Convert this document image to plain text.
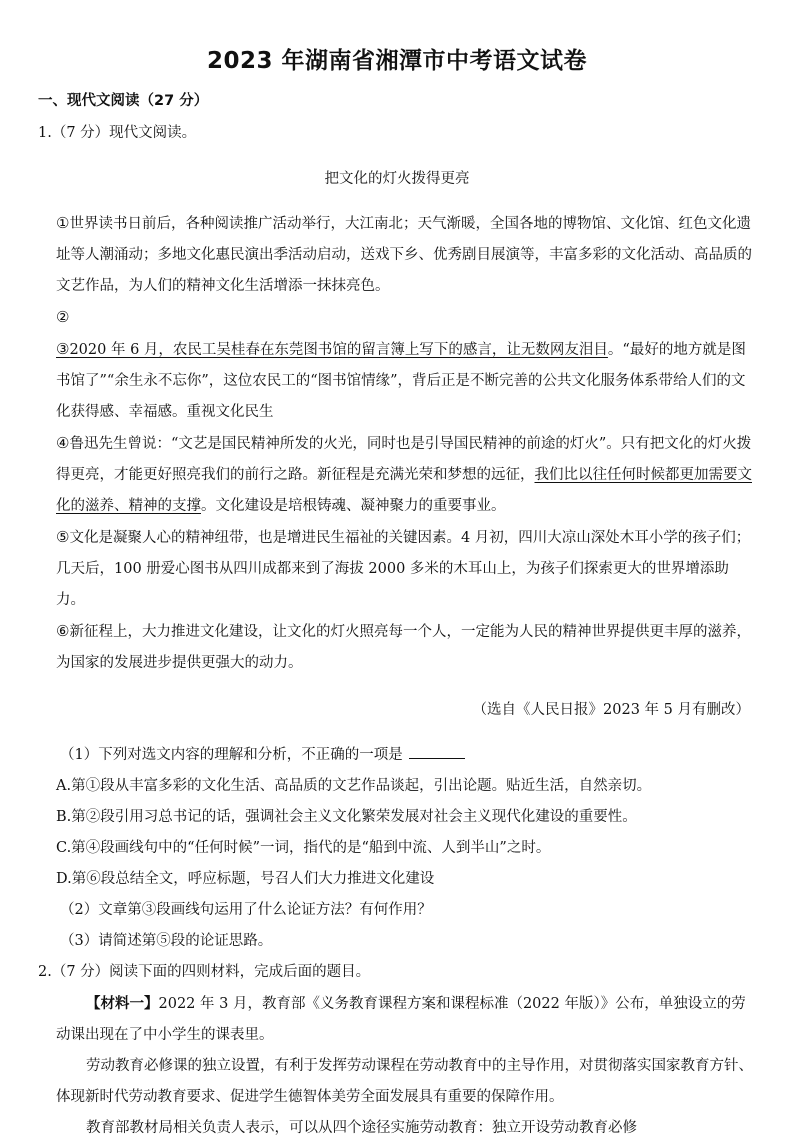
2023 年湖南省湘潭市中考语文试卷
一、现代文阅读（27 分）

1.（7 分）现代文阅读。

把文化的灯火拨得更亮

①世界读书日前后，各种阅读推广活动举行，大江南北；天气渐暖，全国各地的博物馆、文化馆、红色文化遗址等人潮涌动；多地文化惠民演出季活动启动，送戏下乡、优秀剧目展演等，丰富多彩的文化活动、高品质的文艺作品，为人们的精神文化生活增添一抹抹亮色。

②

③2020 年 6 月，农民工吴桂春在东莞图书馆的留言簿上写下的感言，让无数网友泪目。“最好的地方就是图书馆了”“余生永不忘你”，这位农民工的“图书馆情缘”，背后正是不断完善的公共文化服务体系带给人们的文化获得感、幸福感。重视文化民生

④鲁迅先生曾说：“文艺是国民精神所发的火光，同时也是引导国民精神的前途的灯火”。只有把文化的灯火拨得更亮，才能更好照亮我们的前行之路。新征程是充满光荣和梦想的远征，我们比以往任何时候都更加需要文化的滋养、精神的支撑。文化建设是培根铸魂、凝神聚力的重要事业。

⑤文化是凝聚人心的精神纽带，也是增进民生福祉的关键因素。4 月初，四川大凉山深处木耳小学的孩子们；几天后，100 册爱心图书从四川成都来到了海拔 2000 多米的木耳山上，为孩子们探索更大的世界增添助力。

⑥新征程上，大力推进文化建设，让文化的灯火照亮每一个人，一定能为人民的精神世界提供更丰厚的滋养，为国家的发展进步提供更强大的动力。

（选自《人民日报》2023 年 5 月有删改）

（1）下列对选文内容的理解和分析，不正确的一项是

A.第①段从丰富多彩的文化生活、高品质的文艺作品谈起，引出论题。贴近生活，自然亲切。

B.第②段引用习总书记的话，强调社会主义文化繁荣发展对社会主义现代化建设的重要性。

C.第④段画线句中的“任何时候”一词，指代的是“船到中流、人到半山”之时。

D.第⑥段总结全文，呼应标题，号召人们大力推进文化建设

（2）文章第③段画线句运用了什么论证方法？有何作用？

（3）请简述第⑤段的论证思路。

2.（7 分）阅读下面的四则材料，完成后面的题目。

【材料一】2022 年 3 月，教育部《义务教育课程方案和课程标准（2022 年版）》公布，单独设立的劳动课出现在了中小学生的课表里。

劳动教育必修课的独立设置，有利于发挥劳动课程在劳动教育中的主导作用，对贯彻落实国家教育方针、体现新时代劳动教育要求、促进学生德智体美劳全面发展具有重要的保障作用。

教育部教材局相关负责人表示，可以从四个途径实施劳动教育：独立开设劳动教育必修
